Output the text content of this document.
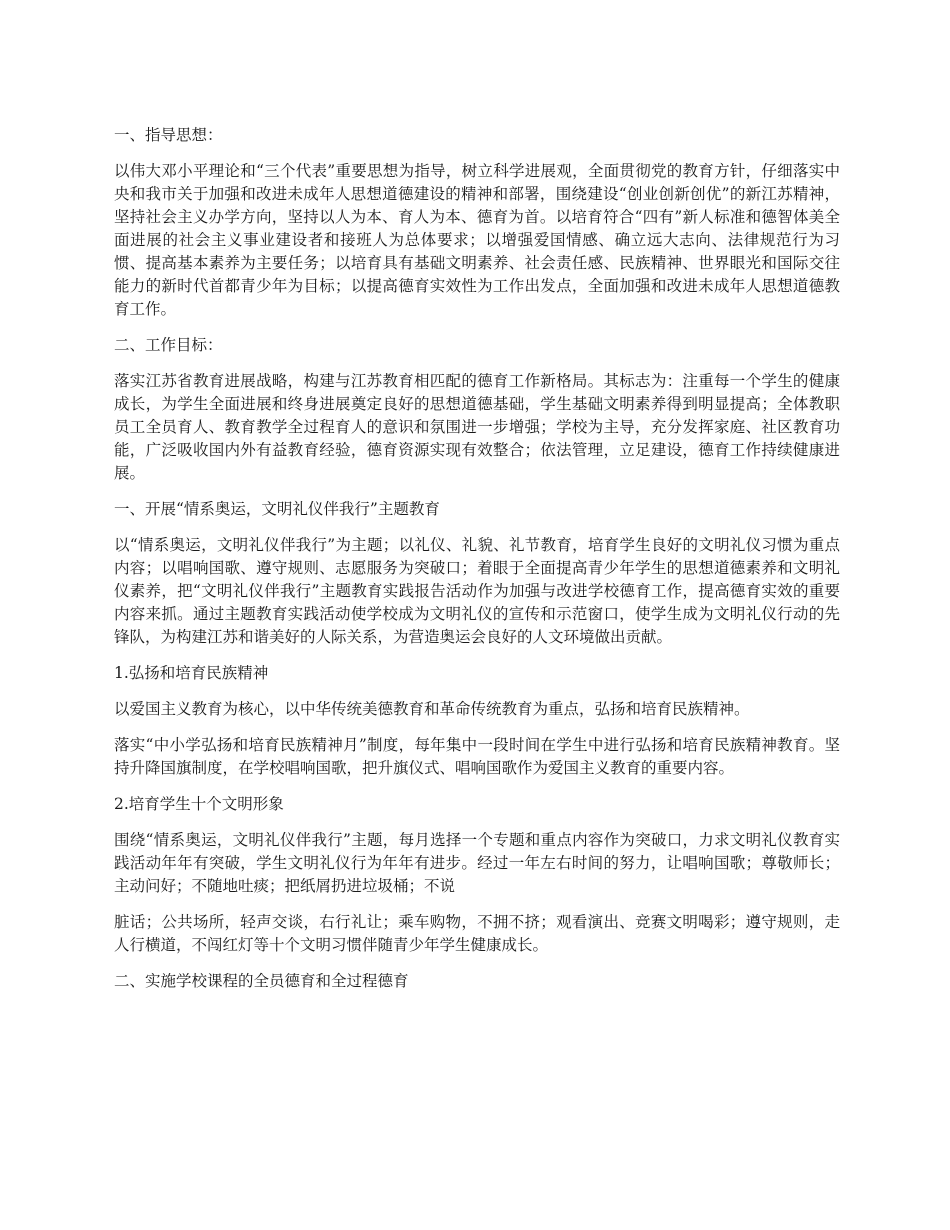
一、指导思想：

以伟大邓小平理论和“三个代表”重要思想为指导，树立科学进展观，全面贯彻党的教育方针，仔细落实中央和我市关于加强和改进未成年人思想道德建设的精神和部署，围绕建设“创业创新创优”的新江苏精神，坚持社会主义办学方向，坚持以人为本、育人为本、德育为首。以培育符合“四有”新人标准和德智体美全面进展的社会主义事业建设者和接班人为总体要求；以增强爱国情感、确立远大志向、法律规范行为习惯、提高基本素养为主要任务；以培育具有基础文明素养、社会责任感、民族精神、世界眼光和国际交往能力的新时代首都青少年为目标；以提高德育实效性为工作出发点，全面加强和改进未成年人思想道德教育工作。

二、工作目标：

落实江苏省教育进展战略，构建与江苏教育相匹配的德育工作新格局。其标志为：注重每一个学生的健康成长，为学生全面进展和终身进展奠定良好的思想道德基础，学生基础文明素养得到明显提高；全体教职员工全员育人、教育教学全过程育人的意识和氛围进一步增强；学校为主导，充分发挥家庭、社区教育功能，广泛吸收国内外有益教育经验，德育资源实现有效整合；依法管理，立足建设，德育工作持续健康进展。

一、开展“情系奥运，文明礼仪伴我行”主题教育

以“情系奥运，文明礼仪伴我行”为主题；以礼仪、礼貌、礼节教育，培育学生良好的文明礼仪习惯为重点内容；以唱响国歌、遵守规则、志愿服务为突破口；着眼于全面提高青少年学生的思想道德素养和文明礼仪素养，把“文明礼仪伴我行”主题教育实践报告活动作为加强与改进学校德育工作，提高德育实效的重要内容来抓。通过主题教育实践活动使学校成为文明礼仪的宣传和示范窗口，使学生成为文明礼仪行动的先锋队，为构建江苏和谐美好的人际关系，为营造奥运会良好的人文环境做出贡献。

1.弘扬和培育民族精神

以爱国主义教育为核心，以中华传统美德教育和革命传统教育为重点，弘扬和培育民族精神。

落实“中小学弘扬和培育民族精神月”制度，每年集中一段时间在学生中进行弘扬和培育民族精神教育。坚持升降国旗制度，在学校唱响国歌，把升旗仪式、唱响国歌作为爱国主义教育的重要内容。

2.培育学生十个文明形象

围绕“情系奥运，文明礼仪伴我行”主题，每月选择一个专题和重点内容作为突破口，力求文明礼仪教育实践活动年年有突破，学生文明礼仪行为年年有进步。经过一年左右时间的努力，让唱响国歌；尊敬师长；主动问好；不随地吐痰；把纸屑扔进垃圾桶；不说

脏话；公共场所，轻声交谈，右行礼让；乘车购物，不拥不挤；观看演出、竞赛文明喝彩；遵守规则，走人行横道，不闯红灯等十个文明习惯伴随青少年学生健康成长。

二、实施学校课程的全员德育和全过程德育
